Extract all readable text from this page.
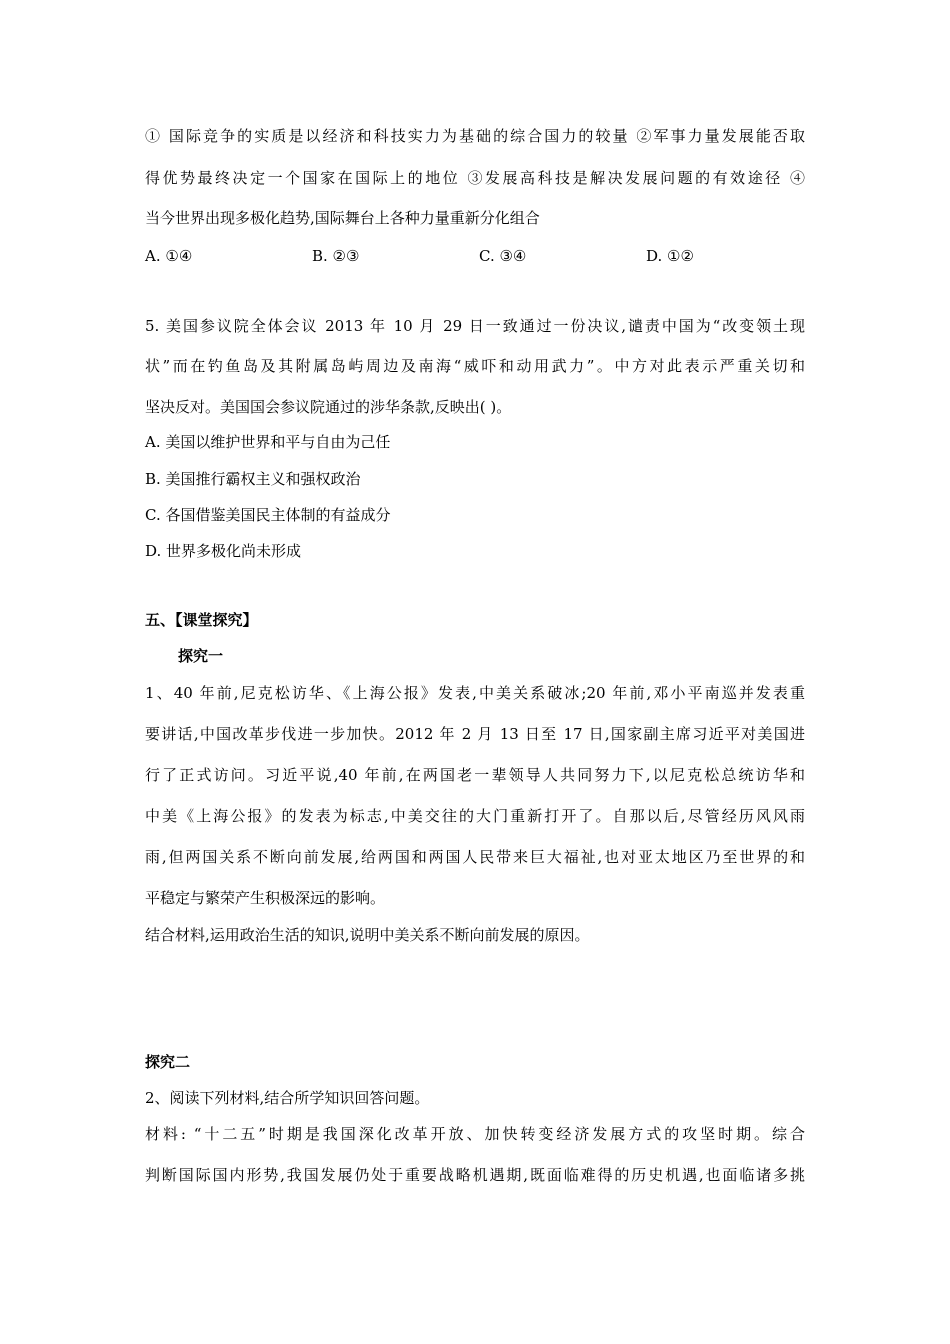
① 国际竞争的实质是以经济和科技实力为基础的综合国力的较量 ②军事力量发展能否取
得优势最终决定一个国家在国际上的地位 ③发展高科技是解决发展问题的有效途径 ④
当今世界出现多极化趋势,国际舞台上各种力量重新分化组合
A. ①④	B. ②③	C. ③④	D. ①②
5. 美国参议院全体会议 2013 年 10 月 29 日一致通过一份决议,谴责中国为“改变领土现
状”而在钓鱼岛及其附属岛屿周边及南海“威吓和动用武力”。中方对此表示严重关切和
坚决反对。美国国会参议院通过的涉华条款,反映出( )。
A. 美国以维护世界和平与自由为己任
B. 美国推行霸权主义和强权政治
C. 各国借鉴美国民主体制的有益成分
D. 世界多极化尚未形成
五、【课堂探究】
探究一
1、40 年前,尼克松访华、《上海公报》发表,中美关系破冰;20 年前,邓小平南巡并发表重
要讲话,中国改革步伐进一步加快。2012 年 2 月 13 日至 17 日,国家副主席习近平对美国进
行了正式访问。习近平说,40 年前,在两国老一辈领导人共同努力下,以尼克松总统访华和
中美《上海公报》的发表为标志,中美交往的大门重新打开了。自那以后,尽管经历风风雨
雨,但两国关系不断向前发展,给两国和两国人民带来巨大福祉,也对亚太地区乃至世界的和
平稳定与繁荣产生积极深远的影响。
结合材料,运用政治生活的知识,说明中美关系不断向前发展的原因。
探究二
2、阅读下列材料,结合所学知识回答问题。
材料: “十二五”时期是我国深化改革开放、加快转变经济发展方式的攻坚时期。综合
判断国际国内形势,我国发展仍处于重要战略机遇期,既面临难得的历史机遇,也面临诸多挑
